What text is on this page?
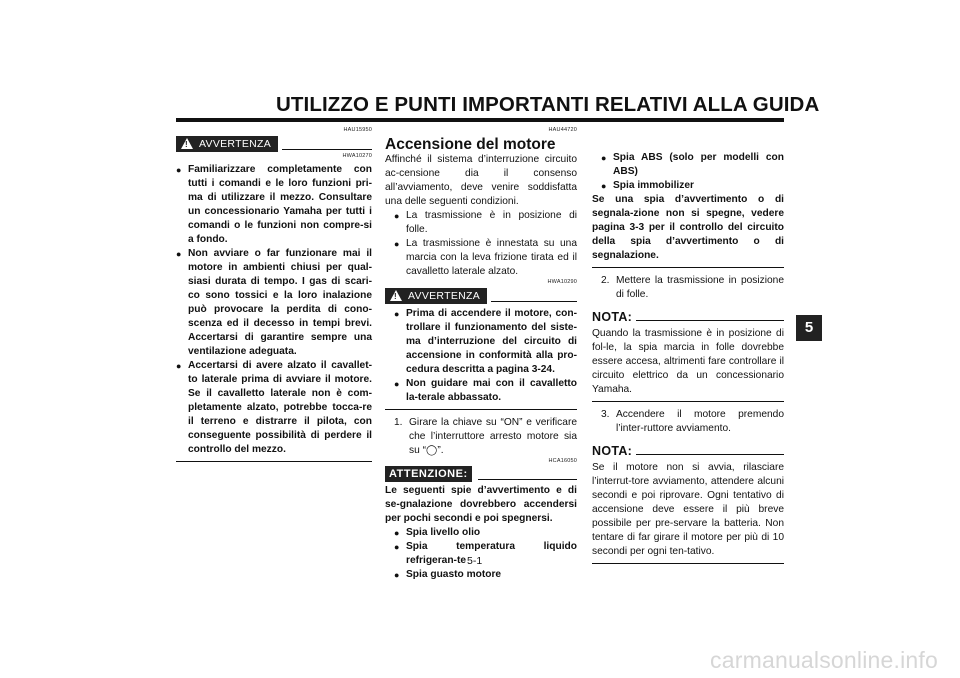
UTILIZZO E PUNTI IMPORTANTI RELATIVI ALLA GUIDA
5
HAU15950
! AVVERTENZA
HWA10270
● Familiarizzare completamente con tutti i comandi e le loro funzioni pri-ma di utilizzare il mezzo. Consultare un concessionario Yamaha per tutti i comandi o le funzioni non compre-si a fondo.
● Non avviare o far funzionare mai il motore in ambienti chiusi per qual-siasi durata di tempo. I gas di scari-co sono tossici e la loro inalazione può provocare la perdita di cono-scenza ed il decesso in tempi brevi. Accertarsi di garantire sempre una ventilazione adeguata.
● Accertarsi di avere alzato il cavallet-to laterale prima di avviare il motore. Se il cavalletto laterale non è com-pletamente alzato, potrebbe tocca-re il terreno e distrarre il pilota, con conseguente possibilità di perdere il controllo del mezzo.
HAU44720
Accensione del motore
Affinché il sistema d’interruzione circuito ac-censione dia il consenso all’avviamento, deve venire soddisfatta una delle seguenti condizioni.
● La trasmissione è in posizione di folle.
● La trasmissione è innestata su una marcia con la leva frizione tirata ed il cavalletto laterale alzato.
HWA10290
! AVVERTENZA
● Prima di accendere il motore, con-trollare il funzionamento del siste-ma d’interruzione del circuito di accensione in conformità alla pro-cedura descritta a pagina 3-24.
● Non guidare mai con il cavalletto la-terale abbassato.
1. Girare la chiave su “ON” e verificare che l’interruttore arresto motore sia su “◯”.
HCA16050
ATTENZIONE:
Le seguenti spie d’avvertimento e di se-gnalazione dovrebbero accendersi per pochi secondi e poi spegnersi.
● Spia livello olio
● Spia temperatura liquido refrigeran-te
● Spia guasto motore
● Spia ABS (solo per modelli con ABS)
● Spia immobilizer
Se una spia d’avvertimento o di segnala-zione non si spegne, vedere pagina 3-3 per il controllo del circuito della spia d’avvertimento o di segnalazione.
2. Mettere la trasmissione in posizione di folle.
NOTA:
Quando la trasmissione è in posizione di fol-le, la spia marcia in folle dovrebbe essere accesa, altrimenti fare controllare il circuito elettrico da un concessionario Yamaha.
3. Accendere il motore premendo l’inter-ruttore avviamento.
NOTA:
Se il motore non si avvia, rilasciare l’interrut-tore avviamento, attendere alcuni secondi e poi riprovare. Ogni tentativo di accensione deve essere il più breve possibile per pre-servare la batteria. Non tentare di far girare il motore per più di 10 secondi per ogni ten-tativo.
5-1
carmanualsonline.info
